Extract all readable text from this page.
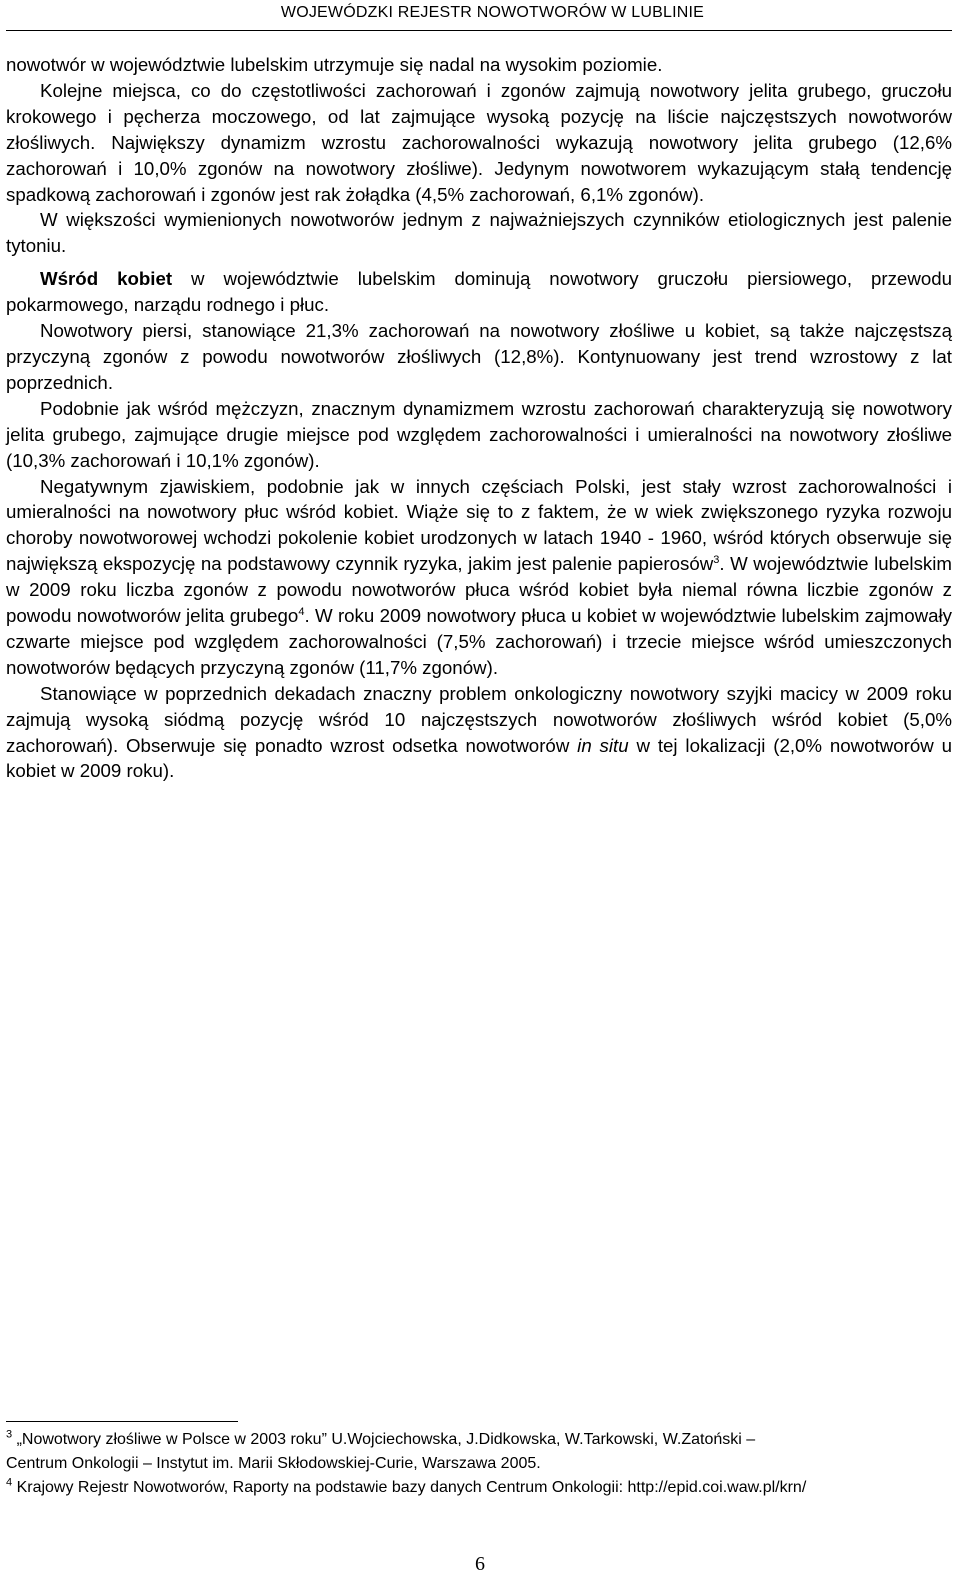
WOJEWÓDZKI REJESTR NOWOTWORÓW W LUBLINIE

nowotwór w województwie lubelskim utrzymuje się nadal na wysokim poziomie.

Kolejne miejsca, co do częstotliwości zachorowań i zgonów zajmują nowotwory jelita grubego, gruczołu krokowego i pęcherza moczowego, od lat zajmujące wysoką pozycję na liście najczęstszych nowotworów złośliwych. Największy dynamizm wzrostu zachorowalności wykazują nowotwory jelita grubego (12,6% zachorowań i 10,0% zgonów na nowotwory złośliwe). Jedynym nowotworem wykazującym stałą tendencję spadkową zachorowań i zgonów jest rak żołądka (4,5% zachorowań, 6,1% zgonów).

W większości wymienionych nowotworów jednym z najważniejszych czynników etiologicznych jest palenie tytoniu.

Wśród kobiet w województwie lubelskim dominują nowotwory gruczołu piersiowego, przewodu pokarmowego, narządu rodnego i płuc.

Nowotwory piersi, stanowiące 21,3% zachorowań na nowotwory złośliwe u kobiet, są także najczęstszą przyczyną zgonów z powodu nowotworów złośliwych (12,8%). Kontynuowany jest trend wzrostowy z lat poprzednich.

Podobnie jak wśród mężczyzn, znacznym dynamizmem wzrostu zachorowań charakteryzują się nowotwory jelita grubego, zajmujące drugie miejsce pod względem zachorowalności i umieralności na nowotwory złośliwe (10,3% zachorowań i 10,1% zgonów).

Negatywnym zjawiskiem, podobnie jak w innych częściach Polski, jest stały wzrost zachorowalności i umieralności na nowotwory płuc wśród kobiet. Wiąże się to z faktem, że w wiek zwiększonego ryzyka rozwoju choroby nowotworowej wchodzi pokolenie kobiet urodzonych w latach 1940 - 1960, wśród których obserwuje się największą ekspozycję na podstawowy czynnik ryzyka, jakim jest palenie papierosów$^3$. W województwie lubelskim w 2009 roku liczba zgonów z powodu nowotworów płuca wśród kobiet była niemal równa liczbie zgonów z powodu nowotworów jelita grubego$^4$. W roku 2009 nowotwory płuca u kobiet w województwie lubelskim zajmowały czwarte miejsce pod względem zachorowalności (7,5% zachorowań) i trzecie miejsce wśród umieszczonych nowotworów będących przyczyną zgonów (11,7% zgonów).

Stanowiące w poprzednich dekadach znaczny problem onkologiczny nowotwory szyjki macicy w 2009 roku zajmują wysoką siódmą pozycję wśród 10 najczęstszych nowotworów złośliwych wśród kobiet (5,0% zachorowań). Obserwuje się ponadto wzrost odsetka nowotworów in situ w tej lokalizacji (2,0% nowotworów u kobiet w 2009 roku).

$^3$ „Nowotwory złośliwe w Polsce w 2003 roku” U.Wojciechowska, J.Didkowska, W.Tarkowski, W.Zatoński –

Centrum Onkologii – Instytut im. Marii Skłodowskiej-Curie, Warszawa 2005.

$^4$ Krajowy Rejestr Nowotworów, Raporty na podstawie bazy danych Centrum Onkologii: http://epid.coi.waw.pl/krn/

6
